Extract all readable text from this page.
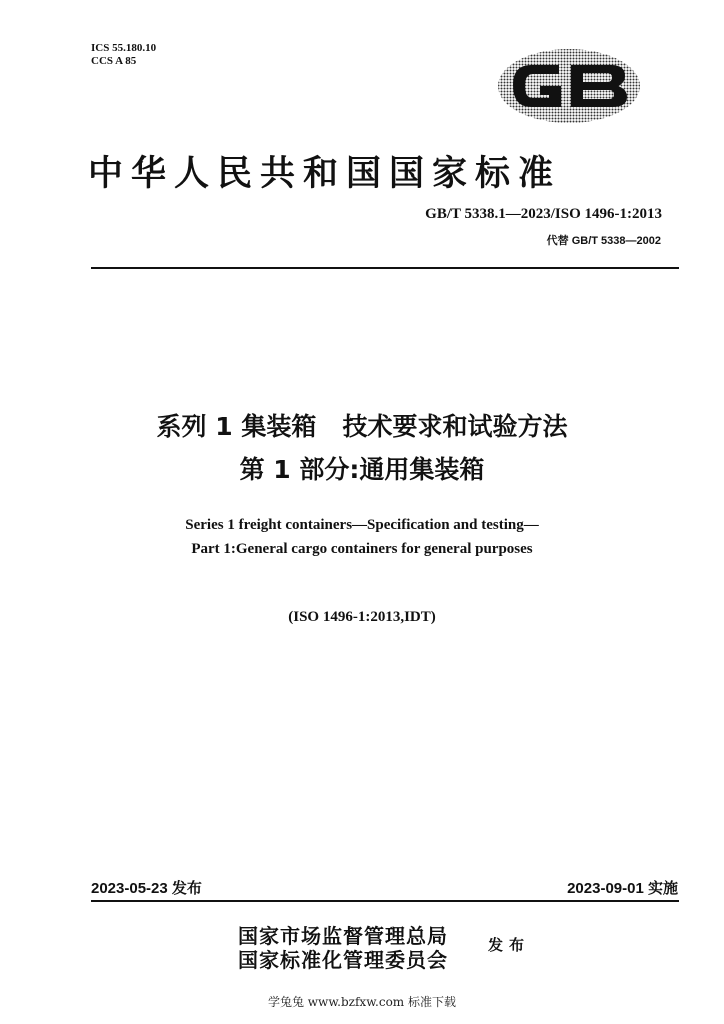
ICS 55.180.10
CCS A 85
中华人民共和国国家标准
GB/T 5338.1—2023/ISO 1496-1:2013
代替 GB/T 5338—2002
系列 1 集装箱   技术要求和试验方法
第 1 部分:通用集装箱
Series 1 freight containers—Specification and testing—
Part 1:General cargo containers for general purposes
(ISO 1496-1:2013,IDT)
2023-05-23 发布	2023-09-01 实施
国家市场监督管理总局
国家标准化管理委员会
发布
学兔兔 www.bzfxw.com 标准下载
